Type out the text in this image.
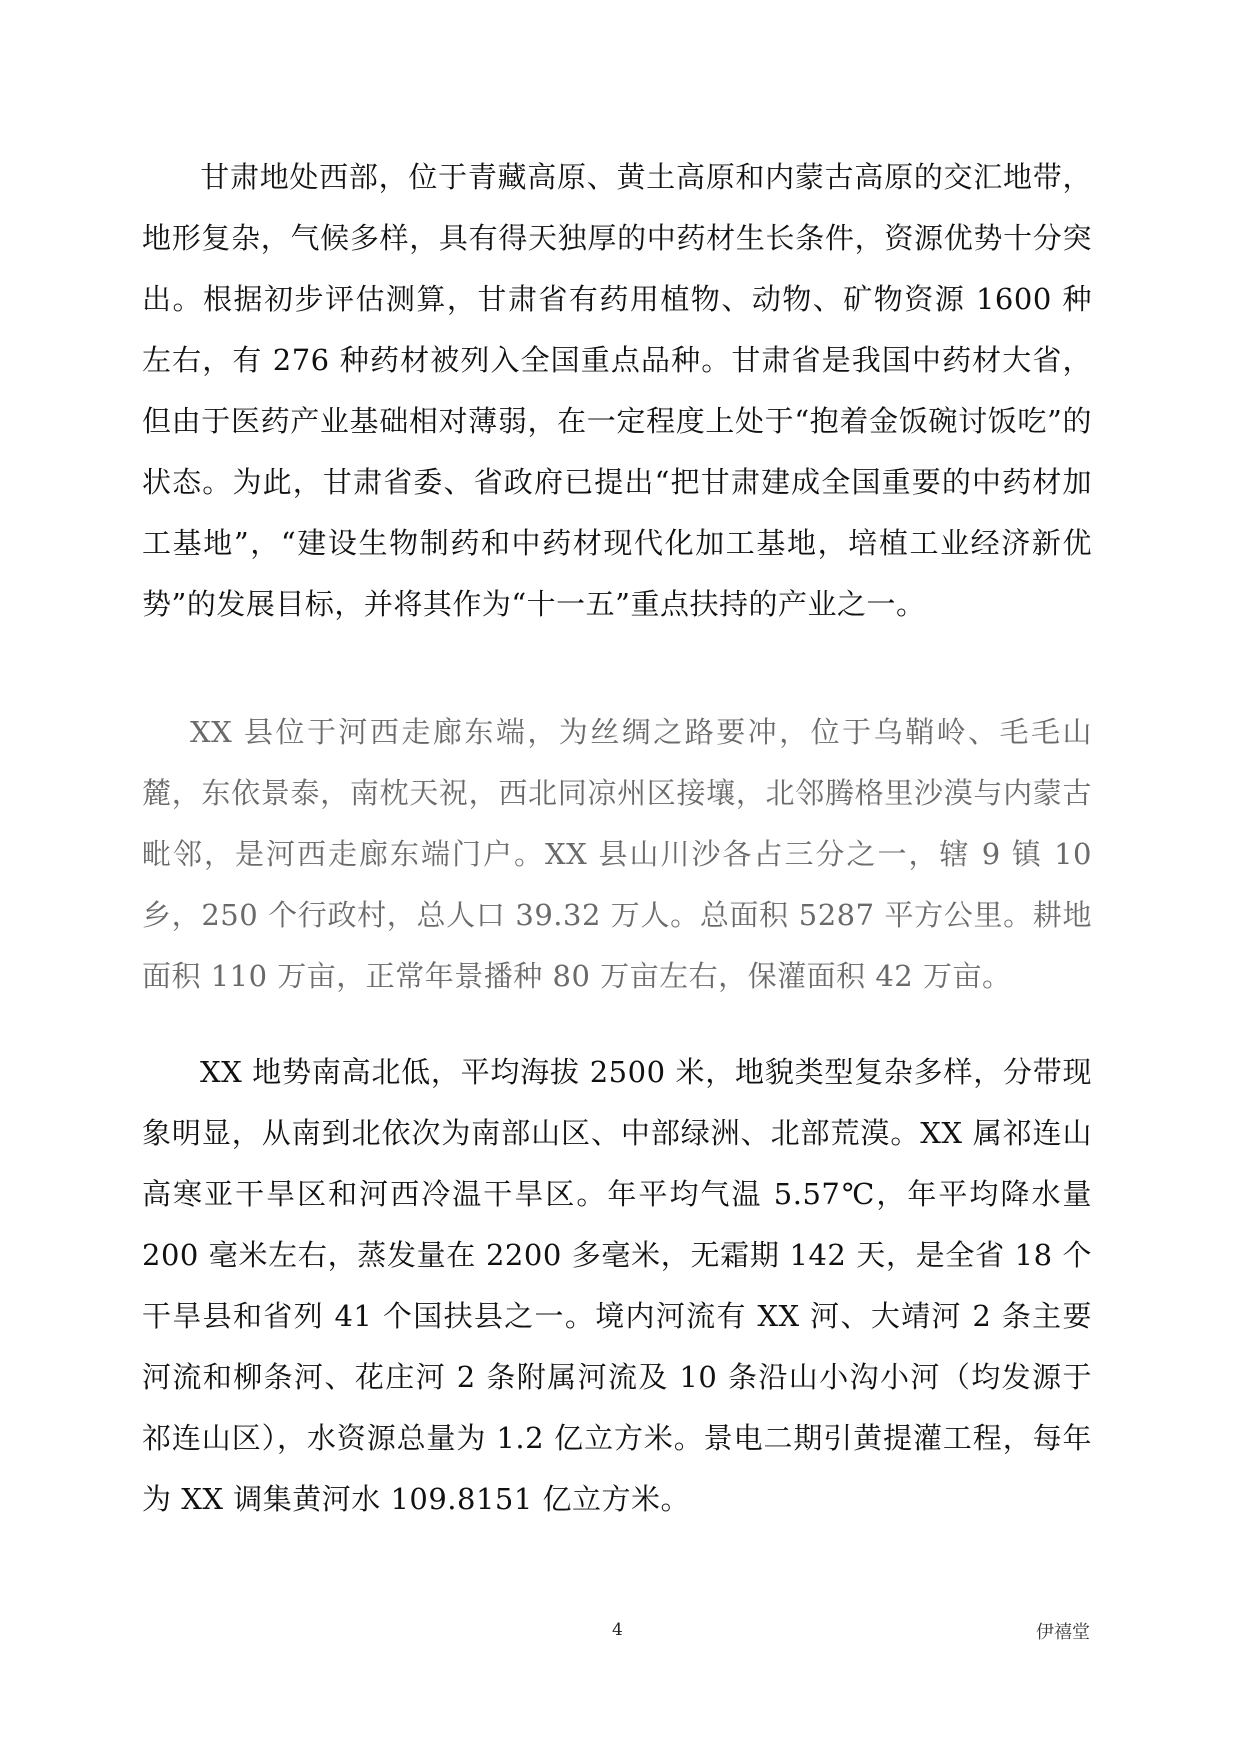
甘肃地处西部，位于青藏高原、黄土高原和内蒙古高原的交汇地带，地形复杂，气候多样，具有得天独厚的中药材生长条件，资源优势十分突出。根据初步评估测算，甘肃省有药用植物、动物、矿物资源 1600 种左右，有 276 种药材被列入全国重点品种。甘肃省是我国中药材大省，但由于医药产业基础相对薄弱，在一定程度上处于“抱着金饭碗讨饭吃”的状态。为此，甘肃省委、省政府已提出“把甘肃建成全国重要的中药材加工基地”，“建设生物制药和中药材现代化加工基地，培植工业经济新优势”的发展目标，并将其作为“十一五”重点扶持的产业之一。

XX 县位于河西走廊东端，为丝绸之路要冲，位于乌鞘岭、毛毛山麓，东依景泰，南枕天祝，西北同凉州区接壤，北邻腾格里沙漠与内蒙古毗邻，是河西走廊东端门户。XX 县山川沙各占三分之一，辖 9 镇 10 乡，250 个行政村，总人口 39.32 万人。总面积 5287 平方公里。耕地面积 110 万亩，正常年景播种 80 万亩左右，保灌面积 42 万亩。

XX 地势南高北低，平均海拔 2500 米，地貌类型复杂多样，分带现象明显，从南到北依次为南部山区、中部绿洲、北部荒漠。XX 属祁连山高寒亚干旱区和河西冷温干旱区。年平均气温 5.57℃，年平均降水量 200 毫米左右，蒸发量在 2200 多毫米，无霜期 142 天，是全省 18 个干旱县和省列 41 个国扶县之一。境内河流有 XX 河、大靖河 2 条主要河流和柳条河、花庄河 2 条附属河流及 10 条沿山小沟小河（均发源于祁连山区），水资源总量为 1.2 亿立方米。景电二期引黄提灌工程，每年为 XX 调集黄河水 109.8151 亿立方米。

4	伊禧堂
